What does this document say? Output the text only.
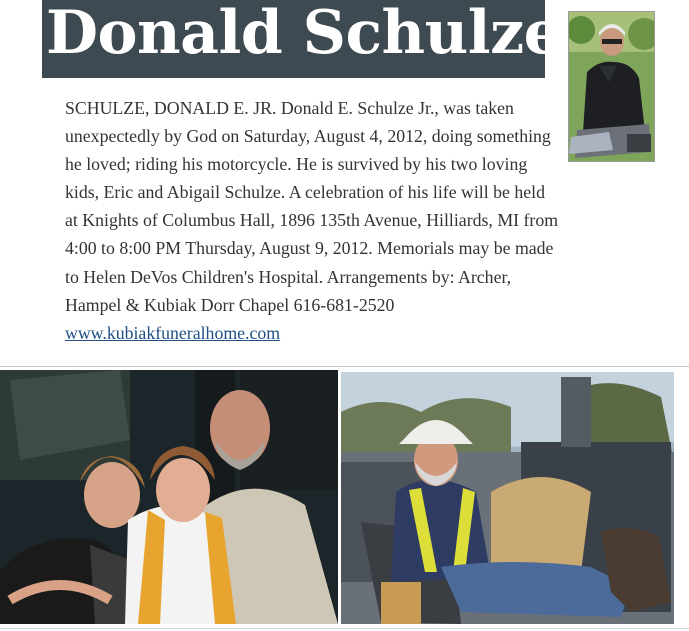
Donald Schulze
SCHULZE, DONALD E. JR. Donald E. Schulze Jr., was taken unexpectedly by God on Saturday, August 4, 2012, doing something he loved; riding his motorcycle. He is survived by his two loving kids, Eric and Abigail Schulze. A celebration of his life will be held at Knights of Columbus Hall, 1896 135th Avenue, Hilliards, MI from 4:00 to 8:00 PM Thursday, August 9, 2012. Memorials may be made to Helen DeVos Children's Hospital. Arrangements by: Archer, Hampel & Kubiak Dorr Chapel 616-681-2520 www.kubiakfuneralhome.com
